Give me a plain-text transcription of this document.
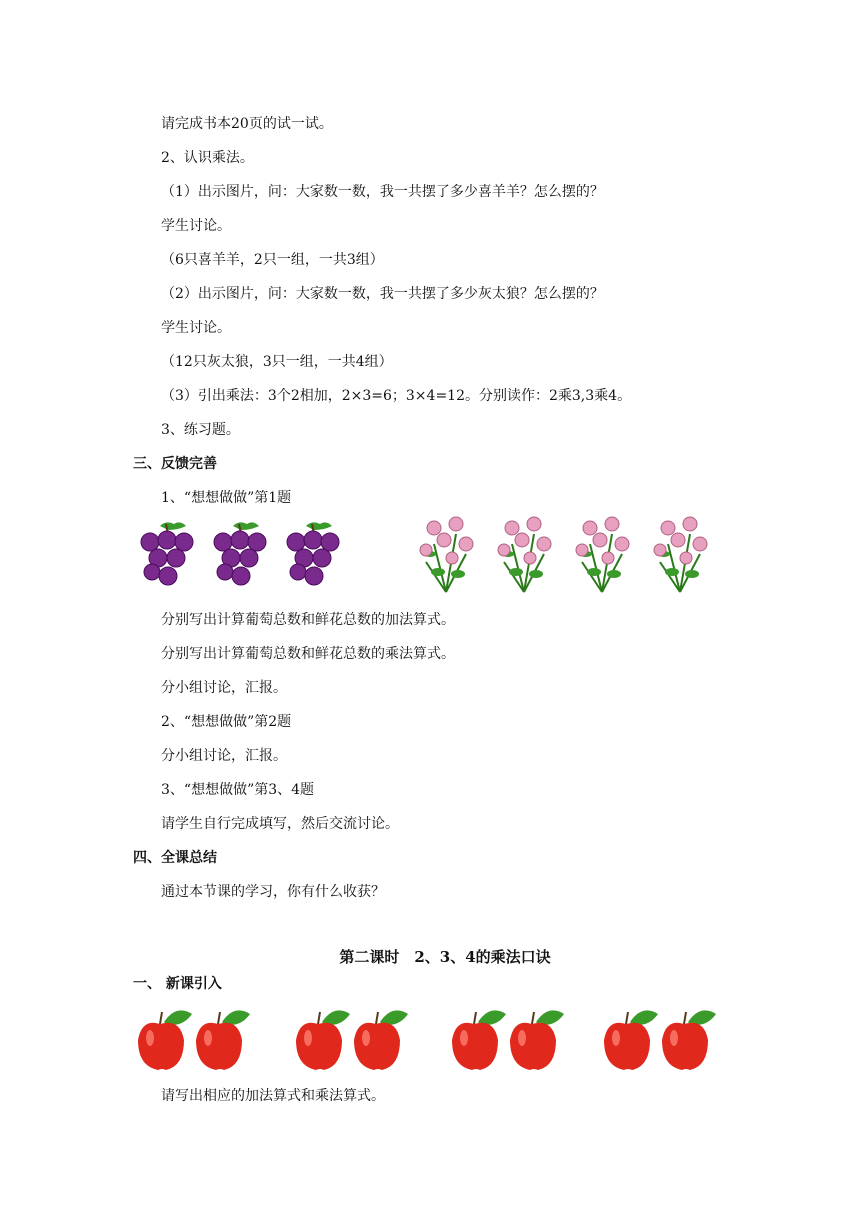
请完成书本20页的试一试。
2、认识乘法。
（1）出示图片，问：大家数一数，我一共摆了多少喜羊羊？怎么摆的？
学生讨论。
（6只喜羊羊，2只一组，一共3组）
（2）出示图片，问：大家数一数，我一共摆了多少灰太狼？怎么摆的？
学生讨论。
（12只灰太狼，3只一组，一共4组）
（3）引出乘法：3个2相加，2×3=6；3×4=12。分别读作：2乘3,3乘4。
3、练习题。
三、反馈完善
1、“想想做做”第1题
分别写出计算葡萄总数和鲜花总数的加法算式。
分别写出计算葡萄总数和鲜花总数的乘法算式。
分小组讨论，汇报。
2、“想想做做”第2题
分小组讨论，汇报。
3、“想想做做”第3、4题
请学生自行完成填写，然后交流讨论。
四、全课总结
通过本节课的学习，你有什么收获？
第二课时　2、3、4的乘法口诀
一、 新课引入
请写出相应的加法算式和乘法算式。
